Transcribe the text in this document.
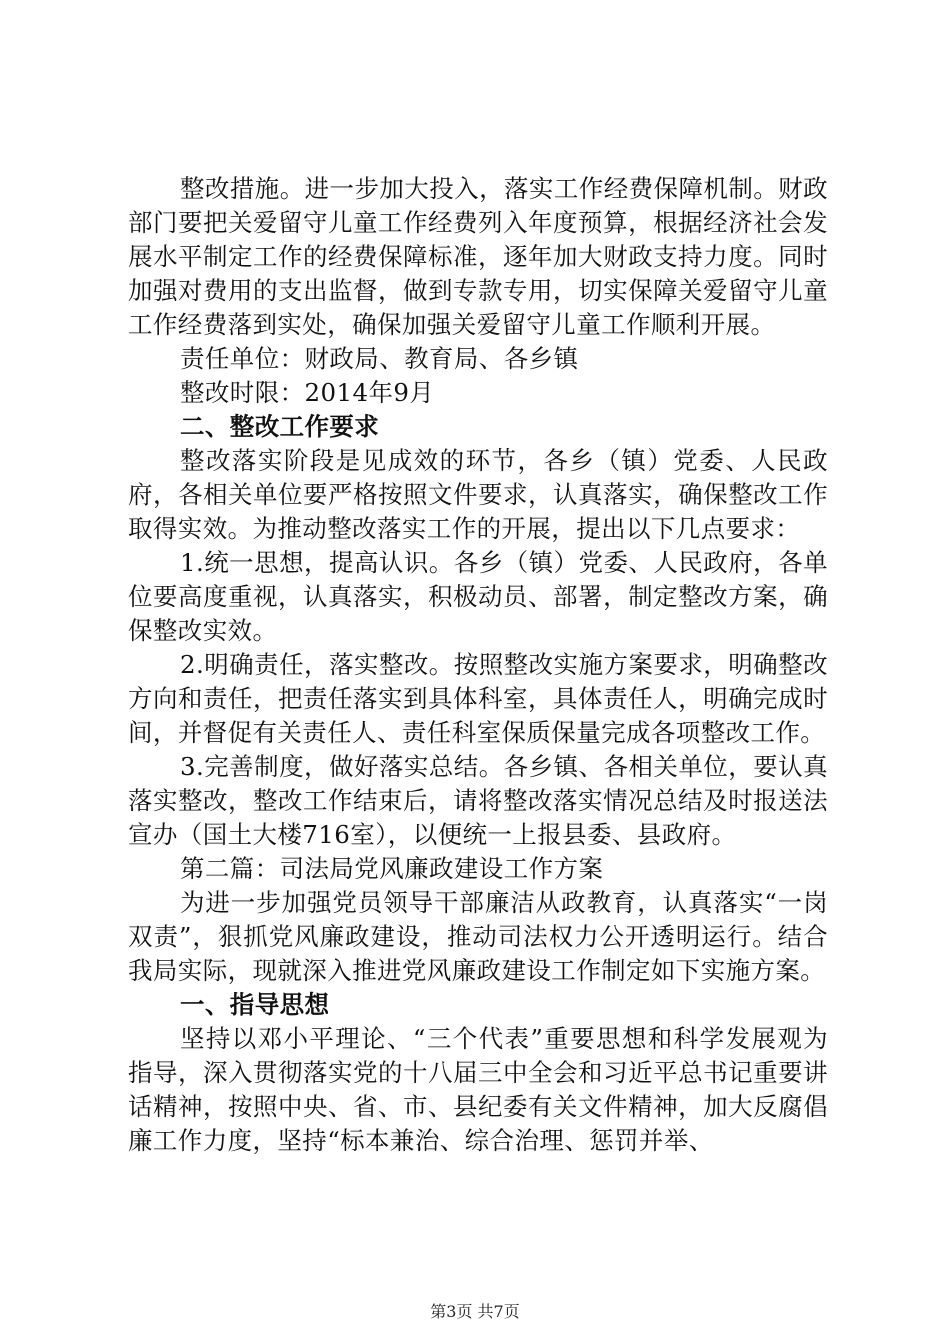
整改措施。进一步加大投入，落实工作经费保障机制。财政部门要把关爱留守儿童工作经费列入年度预算，根据经济社会发展水平制定工作的经费保障标准，逐年加大财政支持力度。同时加强对费用的支出监督，做到专款专用，切实保障关爱留守儿童工作经费落到实处，确保加强关爱留守儿童工作顺利开展。

责任单位：财政局、教育局、各乡镇

整改时限：2014年9月

二、整改工作要求

整改落实阶段是见成效的环节，各乡（镇）党委、人民政府，各相关单位要严格按照文件要求，认真落实，确保整改工作取得实效。为推动整改落实工作的开展，提出以下几点要求：

1.统一思想，提高认识。各乡（镇）党委、人民政府，各单位要高度重视，认真落实，积极动员、部署，制定整改方案，确保整改实效。

2.明确责任，落实整改。按照整改实施方案要求，明确整改方向和责任，把责任落实到具体科室，具体责任人，明确完成时间，并督促有关责任人、责任科室保质保量完成各项整改工作。

3.完善制度，做好落实总结。各乡镇、各相关单位，要认真落实整改，整改工作结束后，请将整改落实情况总结及时报送法宣办（国土大楼716室），以便统一上报县委、县政府。

第二篇：司法局党风廉政建设工作方案

为进一步加强党员领导干部廉洁从政教育，认真落实“一岗双责”，狠抓党风廉政建设，推动司法权力公开透明运行。结合我局实际，现就深入推进党风廉政建设工作制定如下实施方案。

一、指导思想

坚持以邓小平理论、“三个代表”重要思想和科学发展观为指导，深入贯彻落实党的十八届三中全会和习近平总书记重要讲话精神，按照中央、省、市、县纪委有关文件精神，加大反腐倡廉工作力度，坚持“标本兼治、综合治理、惩罚并举、

第3页 共7页
